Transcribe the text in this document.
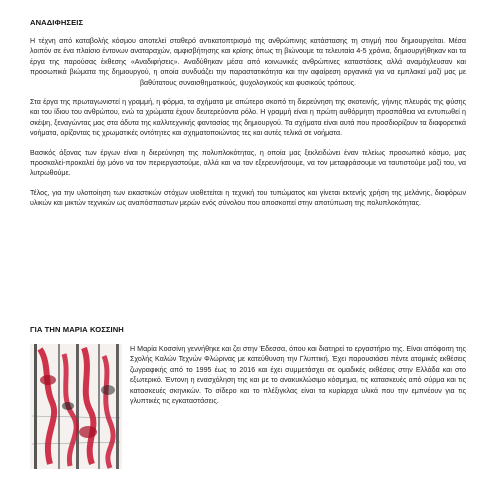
ΑΝΑΔΙΦΗΣΕΙΣ

Η τέχνη από καταβολής κόσμου αποτελεί σταθερό αντικατοπτρισμό της ανθρώπινης κατάστασης τη στιγμή που δημιουργείται. Μέσα λοιπόν σε ένα πλαίσιο έντονων αναταραχών, αμφισβήτησης και κρίσης όπως τη βιώνουμε τα τελευταία 4-5 χρόνια, δημιουργήθηκαν και τα έργα της παρούσας έκθεσης «Αναδιφήσεις». Αναδύθηκαν μέσα από κοινωνικές ανθρώπινες καταστάσεις αλλά αναμόχλευσαν και προσωπικά βιώματα της δημιουργού, η οποία συνδυάζει την παραστατικότητα και την αφαίρεση οργανικά για να εμπλακεί μαζί μας με βαθύτατους συναισθηματικούς, ψυχολογικούς και φυσικούς τρόπους.

Στα έργα της πρωταγωνιστεί η γραμμή, η φόρμα, τα σχήματα με απώτερο σκοπό τη διερεύνηση της σκοτεινής, γήινης πλευράς της φύσης και του ίδιου του ανθρώπου, ενώ τα χρώματα έχουν δευτερεύοντα ρόλο. Η γραμμή είναι η πρώτη αυθόρμητη προσπάθεια να εντυπωθεί η σκέψη, ξεναγώντας μας στα άδυτα της καλλιτεχνικής φαντασίας της δημιουργού. Τα σχήματα είναι αυτά που προσδιορίζουν τα διαφορετικά νοήματα, ορίζοντας τις χρωματικές οντότητες και σχηματοποιώντας τες και αυτές τελικά σε νοήματα.

Βασικός άξονας των έργων είναι η διερεύνηση της πολυπλοκότητας, η οποία μας ξεκλειδώνει έναν τελείως προσωπικό κόσμο, μας προσκαλεί-προκαλεί όχι μόνο να τον περιεργαστούμε, αλλά και να τον εξερευνήσουμε, να τον μεταφράσουμε να ταυτιστούμε μαζί του, να λυτρωθούμε.

Τέλος, για την υλοποίηση των εικαστικών στόχων υιοθετείται η τεχνική του τυπώματος και γίνεται εκτενής χρήση της μελάνης, διαφόρων υλικών και μικτών τεχνικών ως αναπόσπαστων μερών ενός σύνολου που αποσκοπεί στην αποτύπωση της πολυπλοκότητας.

ΓΙΑ ΤΗΝ ΜΑΡΙΑ ΚΟΣΣΙΝΗ

Η Μαρία Κοσσίνη γεννήθηκε και ζει στην Έδεσσα, όπου και διατηρεί το εργαστήριο της. Είναι απόφοιτη της Σχολής Καλών Τεχνών Φλώρινας με κατεύθυνση την Γλυπτική. Έχει παρουσιάσει πέντε ατομικές εκθέσεις ζωγραφικής από το 1995 έως το 2016 και έχει συμμετάσχει σε ομαδικές εκθέσεις στην Ελλάδα και στο εξωτερικό. Έντονη η ενασχόληση της και με το ανακυκλώσιμο κόσμημα, τις κατασκευές από σύρμα και τις κατασκευές σκηνικών. Το σίδερο και το πλέξιγκλας είναι τα κυρίαρχα υλικά που την εμπνέουν για τις γλυπτικές τις εγκαταστάσεις.
